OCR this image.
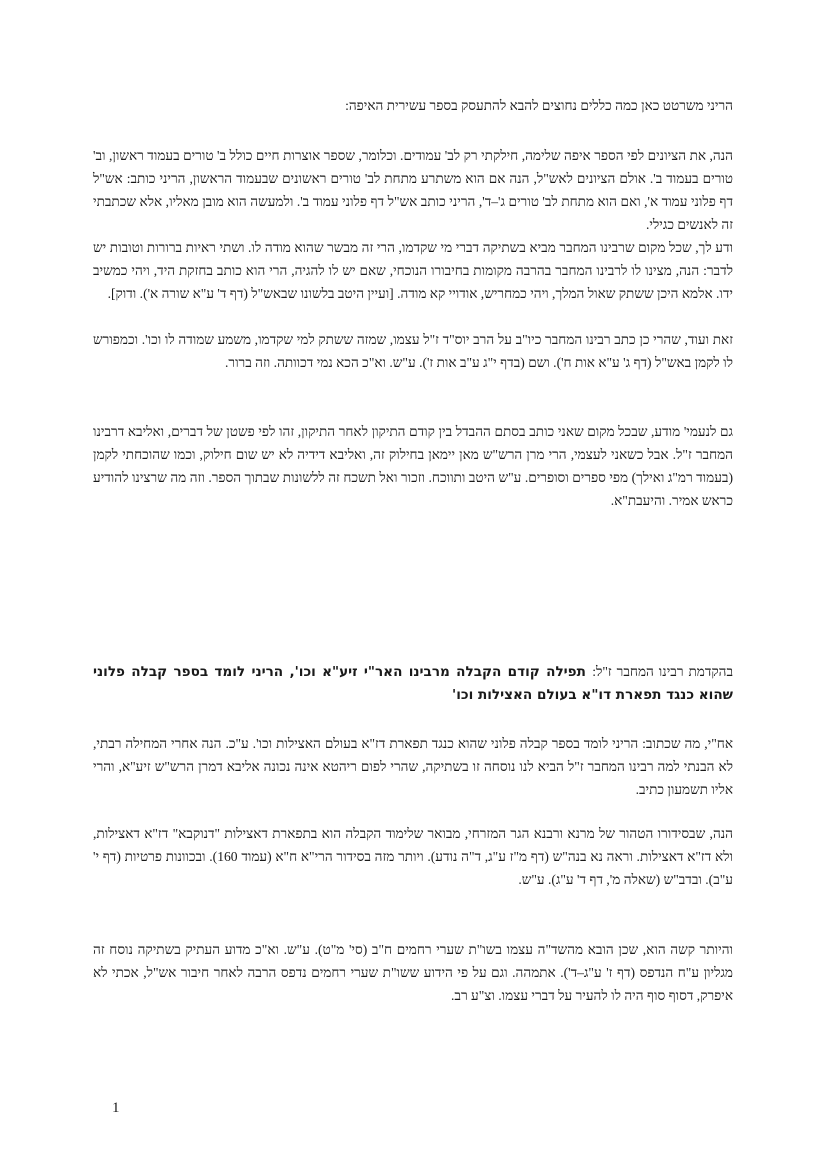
הריני משרטט כאן כמה כללים נחוצים להבא להתעסק בספר עשירית האיפה:

הנה, את הציונים לפי הספר איפה שלימה, חילקתי רק לב' עמודים. וכלומר, שספר אוצרות חיים כולל ב' טורים בעמוד ראשון, וב' טורים בעמוד ב'. אולם הציונים לאש"ל, הנה אם הוא משתרע מתחת לב' טורים ראשונים שבעמוד הראשון, הריני כותב: אש"ל דף פלוני עמוד א', ואם הוא מתחת לב' טורים ג'–ד', הריני כותב אש"ל דף פלוני עמוד ב'. ולמעשה הוא מובן מאליו, אלא שכתבתי זה לאנשים כגילי.

ודע לך, שכל מקום שרבינו המחבר מביא בשתיקה דברי מי שקדמו, הרי זה מבשר שהוא מודה לו. ושתי ראיות ברורות וטובות יש לדבר: הנה, מצינו לו לרבינו המחבר בהרבה מקומות בחיבורו הנוכחי, שאם יש לו להגיה, הרי הוא כותב בחזקת היד, ויהי כמשיב ידו. אלמא היכן ששתק שאול המלך, ויהי כמחריש, אודויי קא מודה. [ועיין היטב בלשונו שבאש"ל (דף ד' ע"א שורה א'). ודוק].

זאת ועוד, שהרי כן כתב רבינו המחבר כיו"ב על הרב יוס"ד ז"ל עצמו, שמזה ששתק למי שקדמו, משמע שמודה לו וכו'. וכמפורש לו לקמן באש"ל (דף ג' ע"א אות ח'). ושם (בדף י"ג ע"ב אות ז'). ע"ש. וא"כ הכא נמי דכוותה. וזה ברור.

גם לנעמי' מודע, שבכל מקום שאני כותב בסתם ההבדל בין קודם התיקון לאחר התיקון, זהו לפי פשטן של דברים, ואליבא דרבינו המחבר ז"ל. אבל כשאני לעצמי, הרי מרן הרש"ש מאן יימאן בחילוק זה, ואליבא דידיה לא יש שום חילוק, וכמו שהוכחתי לקמן (בעמוד רמ"ג ואילך) מפי ספרים וסופרים. ע"ש היטב ותווכח. וזכור ואל תשכח זה ללשונות שבתוך הספר. וזה מה שרצינו להודיע כראש אמיר. והיעבת"א.

בהקדמת רבינו המחבר ז"ל: תפילה קודם הקבלה מרבינו האר"י זיע"א וכו', הריני לומד בספר קבלה פלוני שהוא כנגד תפארת דו"א בעולם האצילות וכו'

אח"י, מה שכתוב: הריני לומד בספר קבלה פלוני שהוא כנגד תפארת דז"א בעולם האצילות וכו'. ע"כ. הנה אחרי המחילה רבתי, לא הבנתי למה רבינו המחבר ז"ל הביא לנו נוסחה זו בשתיקה, שהרי לפום ריהטא אינה נכונה אליבא דמרן הרש"ש זיע"א, והרי אליו תשמעון כתיב.

הנה, שבסידורו הטהור של מרנא ורבנא הגר המזרחי, מבואר שלימוד הקבלה הוא בתפארת דאצילות "דנוקבא" דז"א דאצילות, ולא דז"א דאצילות. וראה נא בנה"ש (דף מ"ז ע"ג, ד"ה נודע). ויותר מזה בסידור הרי"א ח"א (עמוד 160). ובכוונות פרטיות (דף י' ע"ב). ובדב"ש (שאלה מ', דף ד' ע"ג). ע"ש.

והיותר קשה הוא, שכן הובא מהשד"ה עצמו בשו"ת שערי רחמים ח"ב (סי' מ"ט). ע"ש. וא"כ מדוע העתיק בשתיקה נוסח זה מגליון ע"ח הנדפס (דף ז' ע"ג–ד'). אתמהה. וגם על פי הידוע ששו"ת שערי רחמים נדפס הרבה לאחר חיבור אש"ל, אכתי לא איפרק, דסוף סוף היה לו להעיר על דברי עצמו. וצ"ע רב.

1
